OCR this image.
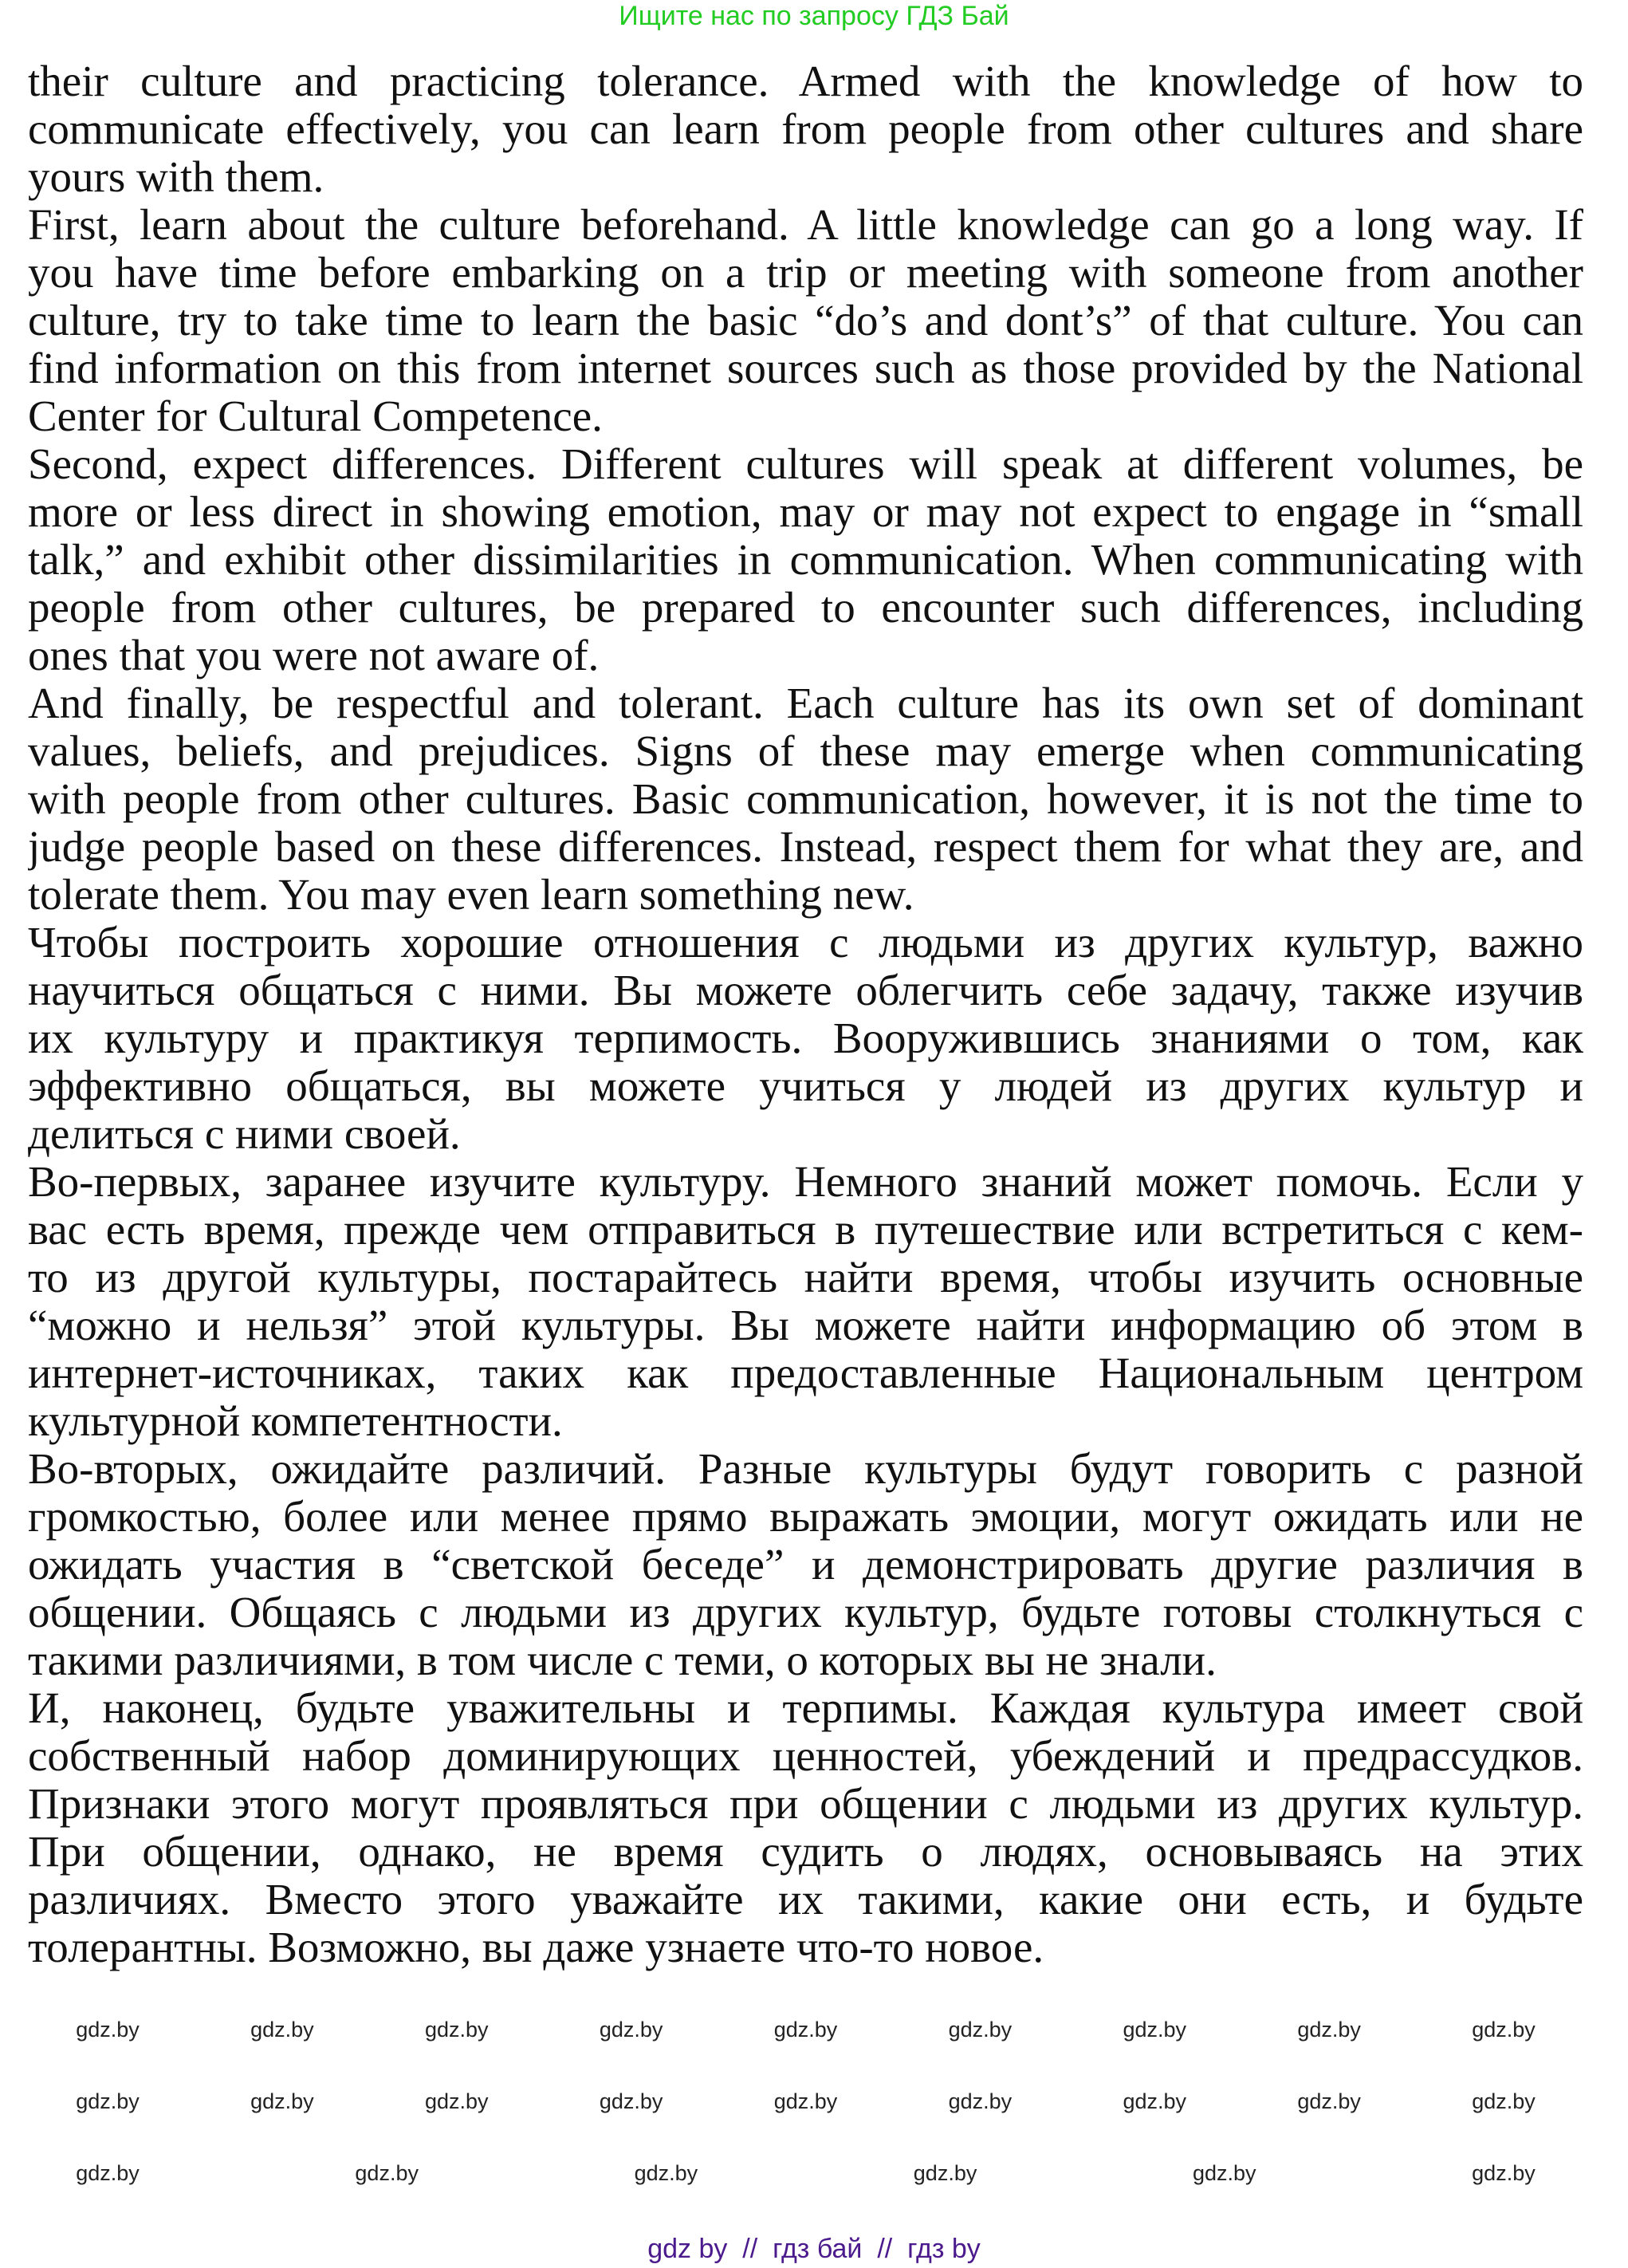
Ищите нас по запросу ГДЗ Бай
their culture and practicing tolerance. Armed with the knowledge of how to
communicate effectively, you can learn from people from other cultures and share
yours with them.
First, learn about the culture beforehand. A little knowledge can go a long way. If
you have time before embarking on a trip or meeting with someone from another
culture, try to take time to learn the basic “do’s and dont’s” of that culture. You can
find information on this from internet sources such as those provided by the National
Center for Cultural Competence.
Second, expect differences. Different cultures will speak at different volumes, be
more or less direct in showing emotion, may or may not expect to engage in “small
talk,” and exhibit other dissimilarities in communication. When communicating with
people from other cultures, be prepared to encounter such differences, including
ones that you were not aware of.
And finally, be respectful and tolerant. Each culture has its own set of dominant
values, beliefs, and prejudices. Signs of these may emerge when communicating
with people from other cultures. Basic communication, however, it is not the time to
judge people based on these differences. Instead, respect them for what they are, and
tolerate them. You may even learn something new.
Чтобы построить хорошие отношения с людьми из других культур, важно
научиться общаться с ними. Вы можете облегчить себе задачу, также изучив
их культуру и практикуя терпимость. Вооружившись знаниями о том, как
эффективно общаться, вы можете учиться у людей из других культур и
делиться с ними своей.
Во-первых, заранее изучите культуру. Немного знаний может помочь. Если у
вас есть время, прежде чем отправиться в путешествие или встретиться с кем-
то из другой культуры, постарайтесь найти время, чтобы изучить основные
“можно и нельзя” этой культуры. Вы можете найти информацию об этом в
интернет-источниках, таких как предоставленные Национальным центром
культурной компетентности.
Во-вторых, ожидайте различий. Разные культуры будут говорить с разной
громкостью, более или менее прямо выражать эмоции, могут ожидать или не
ожидать участия в “светской беседе” и демонстрировать другие различия в
общении. Общаясь с людьми из других культур, будьте готовы столкнуться с
такими различиями, в том числе с теми, о которых вы не знали.
И, наконец, будьте уважительны и терпимы. Каждая культура имеет свой
собственный набор доминирующих ценностей, убеждений и предрассудков.
Признаки этого могут проявляться при общении с людьми из других культур.
При общении, однако, не время судить о людях, основываясь на этих
различиях. Вместо этого уважайте их такими, какие они есть, и будьте
толерантны. Возможно, вы даже узнаете что-то новое.
gdz.by	gdz.by	gdz.by	gdz.by	gdz.by	gdz.by	gdz.by	gdz.by	gdz.by
gdz.by	gdz.by	gdz.by	gdz.by	gdz.by	gdz.by	gdz.by	gdz.by	gdz.by
gdz.by	gdz.by	gdz.by	gdz.by	gdz.by	gdz.by
gdz by  //  гдз бай  //  гдз by
